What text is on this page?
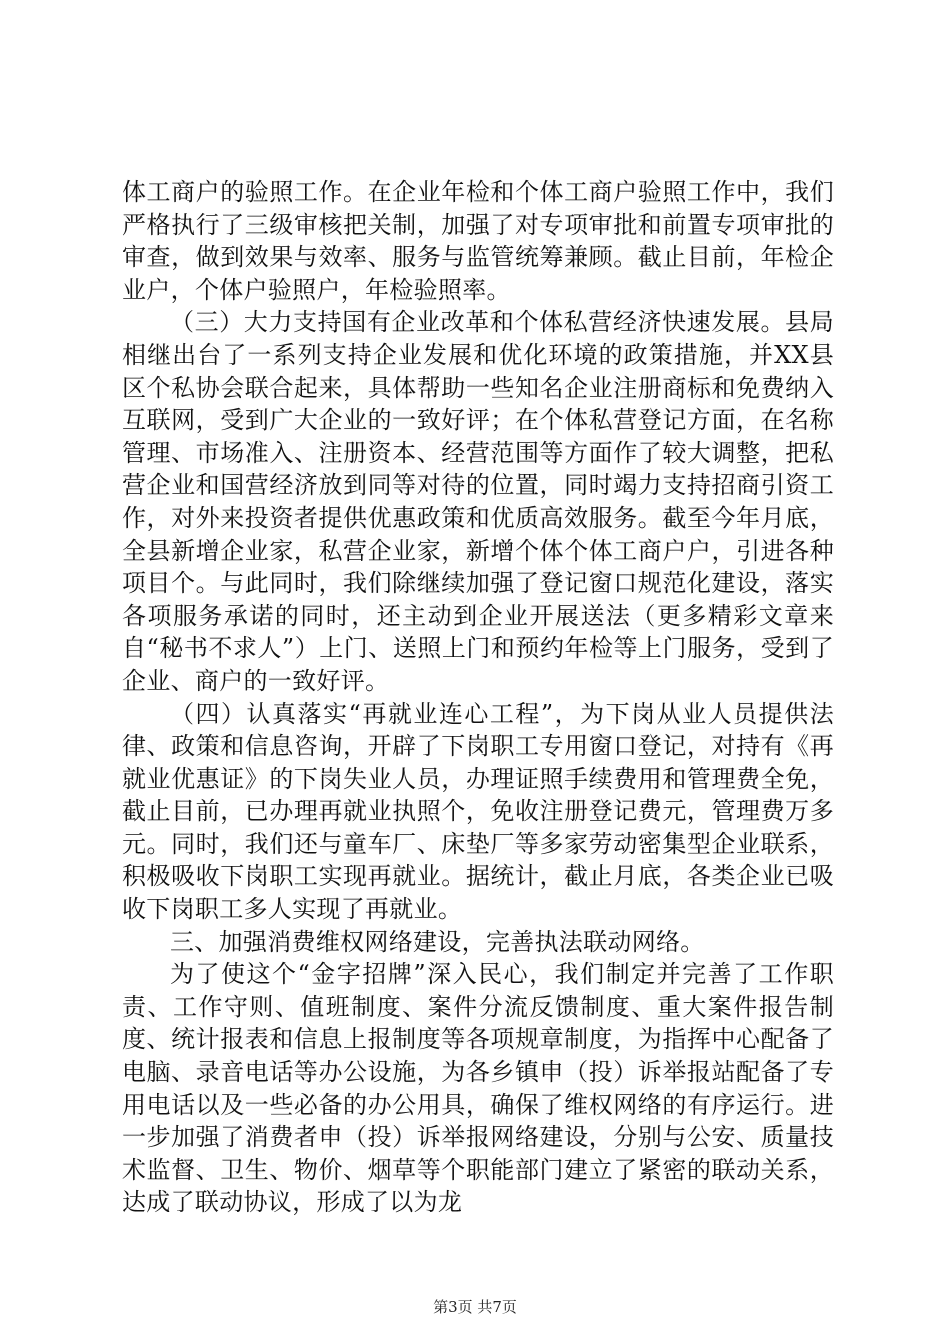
体工商户的验照工作。在企业年检和个体工商户验照工作中，我们严格执行了三级审核把关制，加强了对专项审批和前置专项审批的审查，做到效果与效率、服务与监管统筹兼顾。截止目前，年检企业户，个体户验照户，年检验照率。

（三）大力支持国有企业改革和个体私营经济快速发展。县局相继出台了一系列支持企业发展和优化环境的政策措施，并XX县区个私协会联合起来，具体帮助一些知名企业注册商标和免费纳入互联网，受到广大企业的一致好评；在个体私营登记方面，在名称管理、市场准入、注册资本、经营范围等方面作了较大调整，把私营企业和国营经济放到同等对待的位置，同时竭力支持招商引资工作，对外来投资者提供优惠政策和优质高效服务。截至今年月底，全县新增企业家，私营企业家，新增个体个体工商户户，引进各种项目个。与此同时，我们除继续加强了登记窗口规范化建设，落实各项服务承诺的同时，还主动到企业开展送法（更多精彩文章来自“秘书不求人”）上门、送照上门和预约年检等上门服务，受到了企业、商户的一致好评。

（四）认真落实“再就业连心工程”，为下岗从业人员提供法律、政策和信息咨询，开辟了下岗职工专用窗口登记，对持有《再就业优惠证》的下岗失业人员，办理证照手续费用和管理费全免，截止目前，已办理再就业执照个，免收注册登记费元，管理费万多元。同时，我们还与童车厂、床垫厂等多家劳动密集型企业联系，积极吸收下岗职工实现再就业。据统计，截止月底，各类企业已吸收下岗职工多人实现了再就业。

三、加强消费维权网络建设，完善执法联动网络。

为了使这个“金字招牌”深入民心，我们制定并完善了工作职责、工作守则、值班制度、案件分流反馈制度、重大案件报告制度、统计报表和信息上报制度等各项规章制度，为指挥中心配备了电脑、录音电话等办公设施，为各乡镇申（投）诉举报站配备了专用电话以及一些必备的办公用具，确保了维权网络的有序运行。进一步加强了消费者申（投）诉举报网络建设，分别与公安、质量技术监督、卫生、物价、烟草等个职能部门建立了紧密的联动关系，达成了联动协议，形成了以为龙

第3页 共7页
